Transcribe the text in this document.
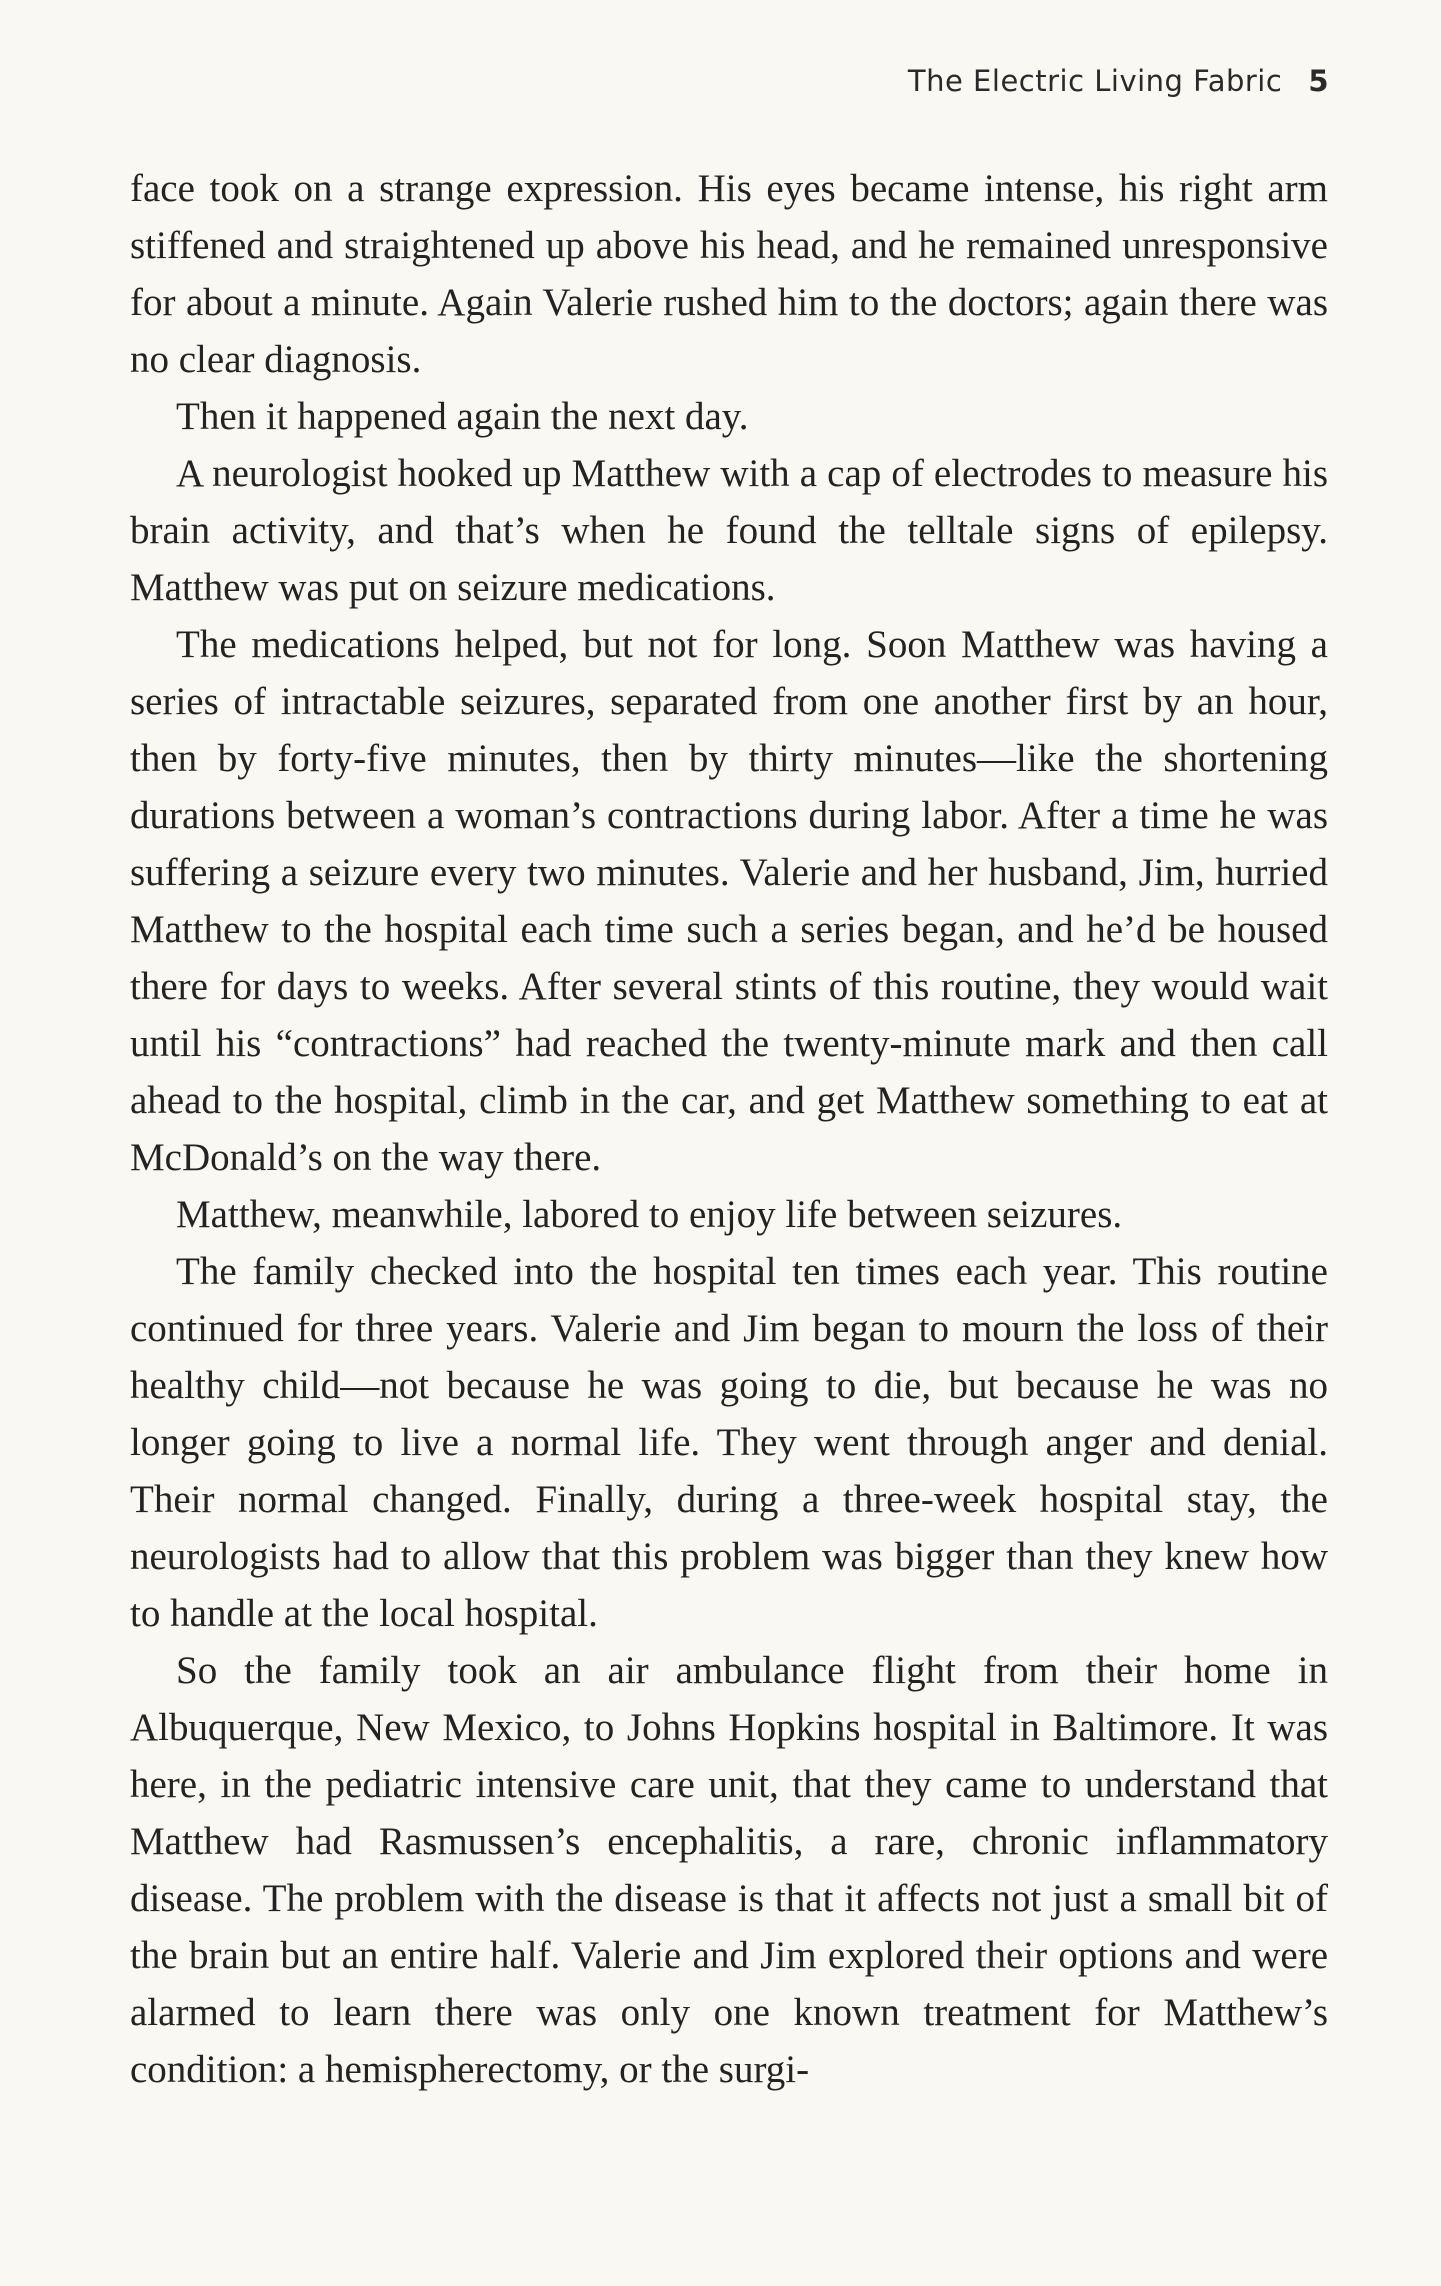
The Electric Living Fabric 5

face took on a strange expression. His eyes became intense, his right arm stiffened and straightened up above his head, and he remained unresponsive for about a minute. Again Valerie rushed him to the doctors; again there was no clear diagnosis.

Then it happened again the next day.

A neurologist hooked up Matthew with a cap of electrodes to measure his brain activity, and that’s when he found the telltale signs of epilepsy. Matthew was put on seizure medications.

The medications helped, but not for long. Soon Matthew was having a series of intractable seizures, separated from one another first by an hour, then by forty-five minutes, then by thirty minutes—like the shortening durations between a woman’s contractions during labor. After a time he was suffering a seizure every two minutes. Valerie and her husband, Jim, hurried Matthew to the hospital each time such a series began, and he’d be housed there for days to weeks. After several stints of this routine, they would wait until his “contractions” had reached the twenty-minute mark and then call ahead to the hospital, climb in the car, and get Matthew something to eat at McDonald’s on the way there.

Matthew, meanwhile, labored to enjoy life between seizures.

The family checked into the hospital ten times each year. This routine continued for three years. Valerie and Jim began to mourn the loss of their healthy child—not because he was going to die, but because he was no longer going to live a normal life. They went through anger and denial. Their normal changed. Finally, during a three-week hospital stay, the neurologists had to allow that this problem was bigger than they knew how to handle at the local hospital.

So the family took an air ambulance flight from their home in Albuquerque, New Mexico, to Johns Hopkins hospital in Baltimore. It was here, in the pediatric intensive care unit, that they came to understand that Matthew had Rasmussen’s encephalitis, a rare, chronic inflammatory disease. The problem with the disease is that it affects not just a small bit of the brain but an entire half. Valerie and Jim explored their options and were alarmed to learn there was only one known treatment for Matthew’s condition: a hemispherectomy, or the surgi-
